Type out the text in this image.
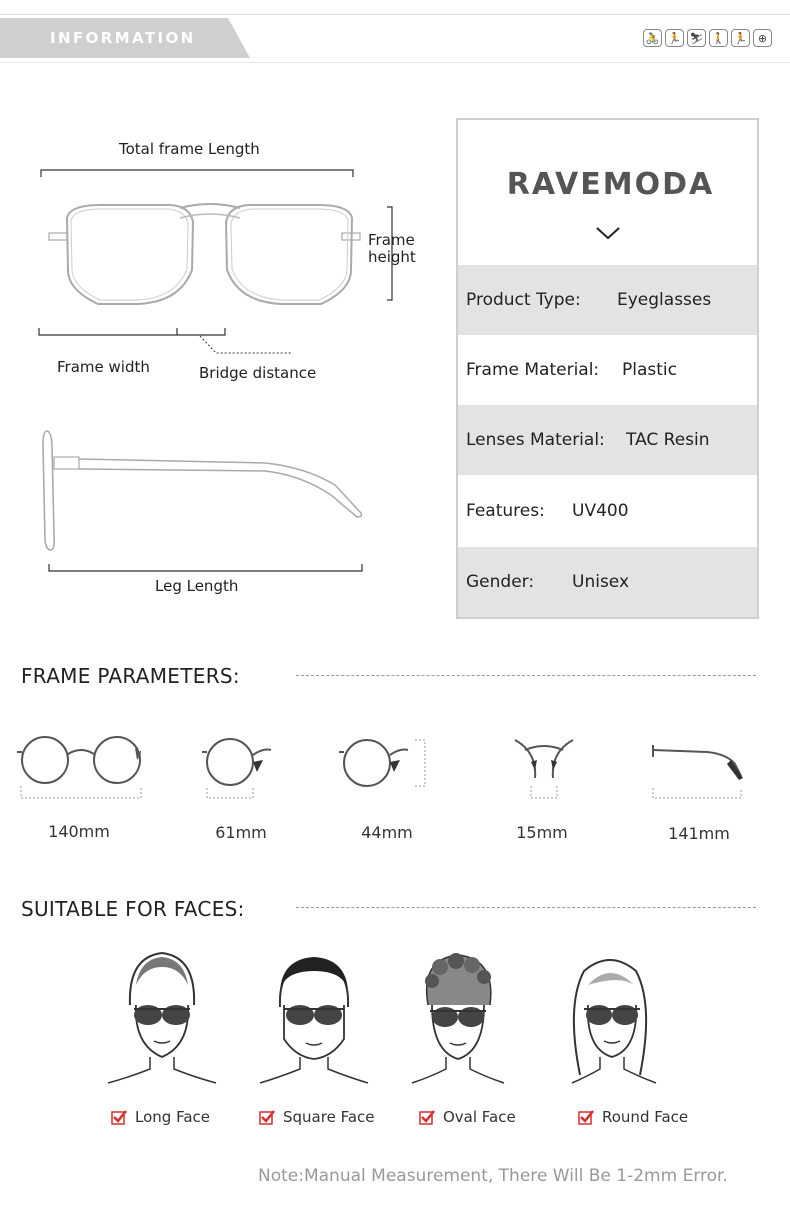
INFORMATION	🚴 🏃 ⛷ 🚶 🏃 ⊕
Total frame Length
Frame
height
Frame width	Bridge distance
Leg Length
RAVEMODA
Product Type: Eyeglasses
Frame Material: Plastic
Lenses Material: TAC Resin
Features: UV400
Gender: Unisex
FRAME PARAMETERS:
140mm	61mm	44mm	15mm	141mm
SUITABLE FOR FACES:
Long Face	Square Face	Oval Face	Round Face
Note:Manual Measurement, There Will Be 1-2mm Error.
